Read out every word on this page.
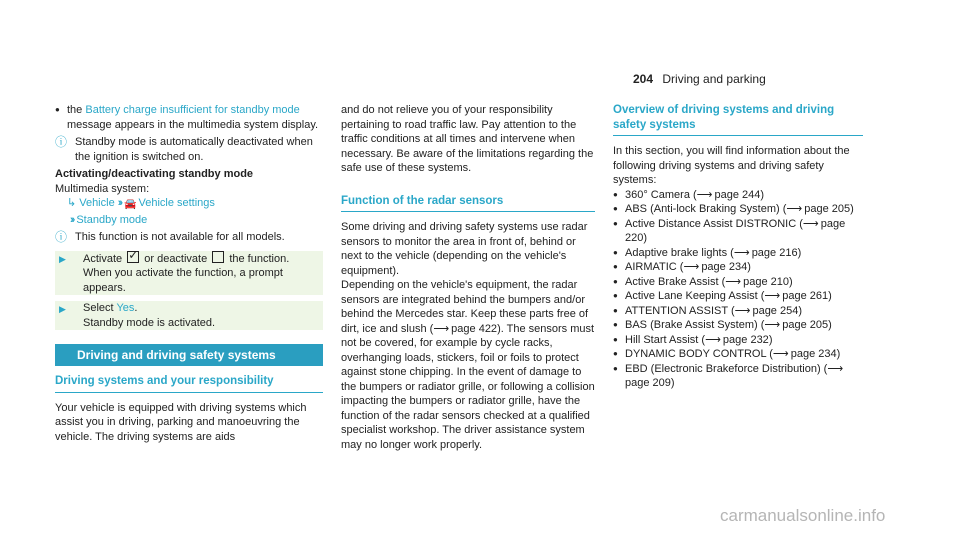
204 Driving and parking
● the Battery charge insufficient for standby mode message appears in the multimedia system display.
ⓘ Standby mode is automatically deactivated when the ignition is switched on.

Activating/deactivating standby mode

Multimedia system:

↳ Vehicle ›› 🚘 Vehicle settings
›› Standby mode
ⓘ This function is not available for all models.
▶ Activate ✓ or deactivate  the function.

When you activate the function, a prompt appears.

▶ Select Yes.

Standby mode is activated.

Driving and driving safety systems
Driving systems and your responsibility

Your vehicle is equipped with driving systems which assist you in driving, parking and manoeuvring the vehicle. The driving systems are aids

and do not relieve you of your responsibility pertaining to road traffic law. Pay attention to the traffic conditions at all times and intervene when necessary. Be aware of the limitations regarding the safe use of these systems.

Function of the radar sensors

Some driving and driving safety systems use radar sensors to monitor the area in front of, behind or next to the vehicle (depending on the vehicle's equipment).

Depending on the vehicle's equipment, the radar sensors are integrated behind the bumpers and/or behind the Mercedes star. Keep these parts free of dirt, ice and slush (⟶ page 422). The sensors must not be covered, for example by cycle racks, overhanging loads, stickers, foil or foils to protect against stone chipping. In the event of damage to the bumpers or radiator grille, or following a collision impacting the bumpers or radiator grille, have the function of the radar sensors checked at a qualified specialist workshop. The driver assistance system may no longer work properly.

Overview of driving systems and driving safety systems

In this section, you will find information about the following driving systems and driving safety systems:

● 360° Camera (⟶ page 244)
● ABS (Anti-lock Braking System) (⟶ page 205)
● Active Distance Assist DISTRONIC (⟶ page 220)
● Adaptive brake lights (⟶ page 216)
● AIRMATIC (⟶ page 234)
● Active Brake Assist (⟶ page 210)
● Active Lane Keeping Assist (⟶ page 261)
● ATTENTION ASSIST (⟶ page 254)
● BAS (Brake Assist System) (⟶ page 205)
● Hill Start Assist (⟶ page 232)
● DYNAMIC BODY CONTROL (⟶ page 234)
● EBD (Electronic Brakeforce Distribution) (⟶ page 209)
carmanualsonline.info
